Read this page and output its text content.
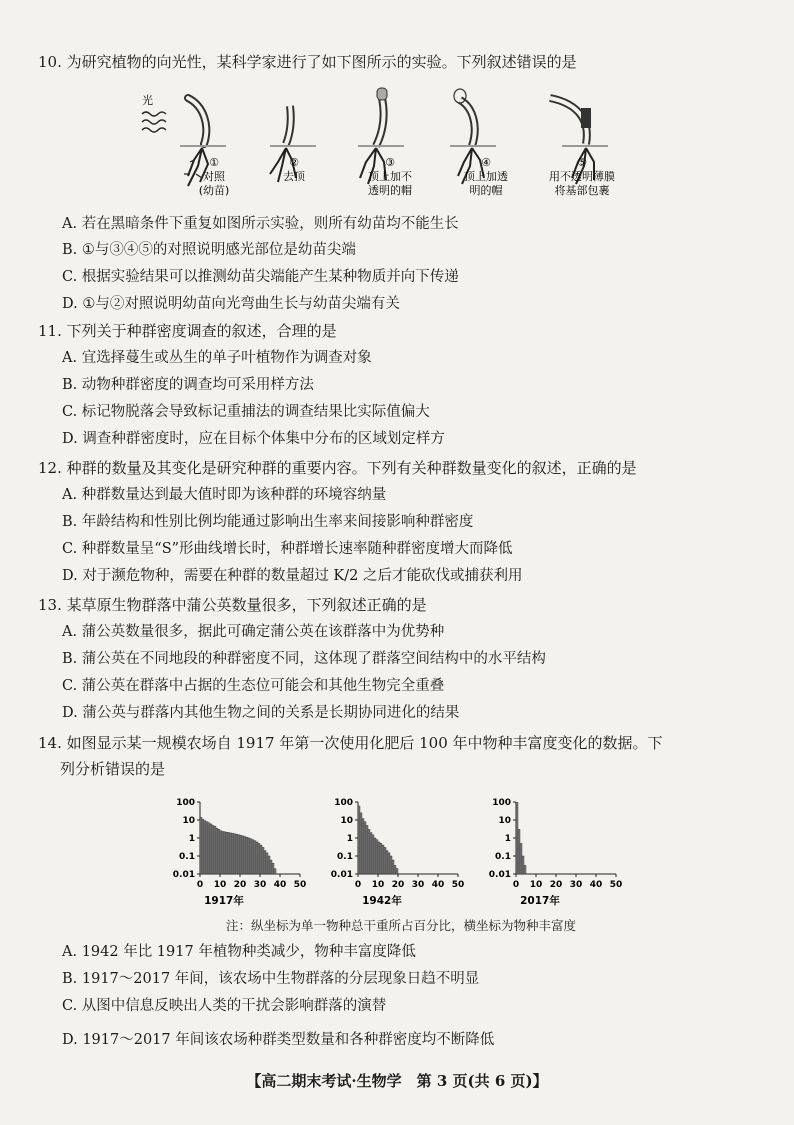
10. 为研究植物的向光性，某科学家进行了如下图所示的实验。下列叙述错误的是
光
①
对照
(幼苗)
②
去顶
③
顶上加不
透明的帽
④
顶上加透
明的帽
⑤
用不透明薄膜
将基部包裹
A. 若在黑暗条件下重复如图所示实验，则所有幼苗均不能生长
B. ①与③④⑤的对照说明感光部位是幼苗尖端
C. 根据实验结果可以推测幼苗尖端能产生某种物质并向下传递
D. ①与②对照说明幼苗向光弯曲生长与幼苗尖端有关
11. 下列关于种群密度调查的叙述，合理的是
A. 宜选择蔓生或丛生的单子叶植物作为调查对象
B. 动物种群密度的调查均可采用样方法
C. 标记物脱落会导致标记重捕法的调查结果比实际值偏大
D. 调查种群密度时，应在目标个体集中分布的区域划定样方
12. 种群的数量及其变化是研究种群的重要内容。下列有关种群数量变化的叙述，正确的是
A. 种群数量达到最大值时即为该种群的环境容纳量
B. 年龄结构和性别比例均能通过影响出生率来间接影响种群密度
C. 种群数量呈“S”形曲线增长时，种群增长速率随种群密度增大而降低
D. 对于濒危物种，需要在种群的数量超过 K/2 之后才能砍伐或捕获利用
13. 某草原生物群落中蒲公英数量很多，下列叙述正确的是
A. 蒲公英数量很多，据此可确定蒲公英在该群落中为优势种
B. 蒲公英在不同地段的种群密度不同，这体现了群落空间结构中的水平结构
C. 蒲公英在群落中占据的生态位可能会和其他生物完全重叠
D. 蒲公英与群落内其他生物之间的关系是长期协同进化的结果
14. 如图显示某一规模农场自 1917 年第一次使用化肥后 100 年中物种丰富度变化的数据。下
列分析错误的是
100
10
1
0.1
0.01
0 10 20 30 40 50
1917年
100
10
1
0.1
0.01
0 10 20 30 40 50
1942年
100
10
1
0.1
0.01
0 10 20 30 40 50
2017年
注：纵坐标为单一物种总干重所占百分比，横坐标为物种丰富度
A. 1942 年比 1917 年植物种类减少，物种丰富度降低
B. 1917～2017 年间，该农场中生物群落的分层现象日趋不明显
C. 从图中信息反映出人类的干扰会影响群落的演替
D. 1917～2017 年间该农场种群类型数量和各种群密度均不断降低
【高二期末考试·生物学　第 3 页(共 6 页)】
